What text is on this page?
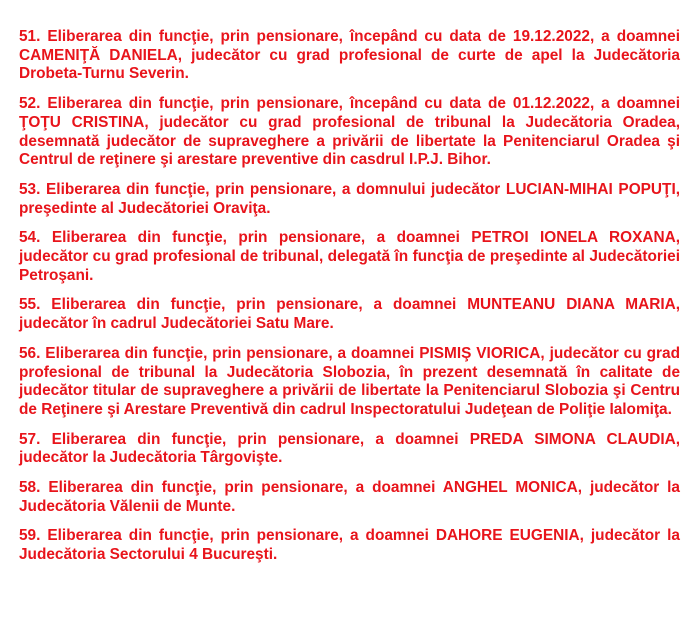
51. Eliberarea din funcţie, prin pensionare, începând cu data de 19.12.2022, a doamnei CAMENIŢĂ DANIELA, judecător cu grad profesional de curte de apel la Judecătoria Drobeta-Turnu Severin.

52. Eliberarea din funcţie, prin pensionare, începând cu data de 01.12.2022, a doamnei ŢOŢU CRISTINA, judecător cu grad profesional de tribunal la Judecătoria Oradea, desemnată judecător de supraveghere a privării de libertate la Penitenciarul Oradea şi Centrul de reţinere şi arestare preventive din casdrul I.P.J. Bihor.

53. Eliberarea din funcţie, prin pensionare, a domnului judecător LUCIAN-MIHAI POPUŢI, preşedinte al Judecătoriei Oraviţa.

54. Eliberarea din funcţie, prin pensionare, a doamnei PETROI IONELA ROXANA, judecător cu grad profesional de tribunal, delegată în funcţia de preşedinte al Judecătoriei Petroşani.

55. Eliberarea din funcţie, prin pensionare, a doamnei MUNTEANU DIANA MARIA, judecător în cadrul Judecătoriei Satu Mare.

56. Eliberarea din funcţie, prin pensionare, a doamnei PISMIŞ VIORICA, judecător cu grad profesional de tribunal la Judecătoria Slobozia, în prezent desemnată în calitate de judecător titular de supraveghere a privării de libertate la Penitenciarul Slobozia şi Centru de Reţinere şi Arestare Preventivă din cadrul Inspectoratului Judeţean de Poliţie Ialomiţa.

57. Eliberarea din funcţie, prin pensionare, a doamnei PREDA SIMONA CLAUDIA, judecător la Judecătoria Târgovişte.

58. Eliberarea din funcţie, prin pensionare, a doamnei ANGHEL MONICA, judecător la Judecătoria Vălenii de Munte.

59. Eliberarea din funcţie, prin pensionare, a doamnei DAHORE EUGENIA, judecător la Judecătoria Sectorului 4 Bucureşti.
